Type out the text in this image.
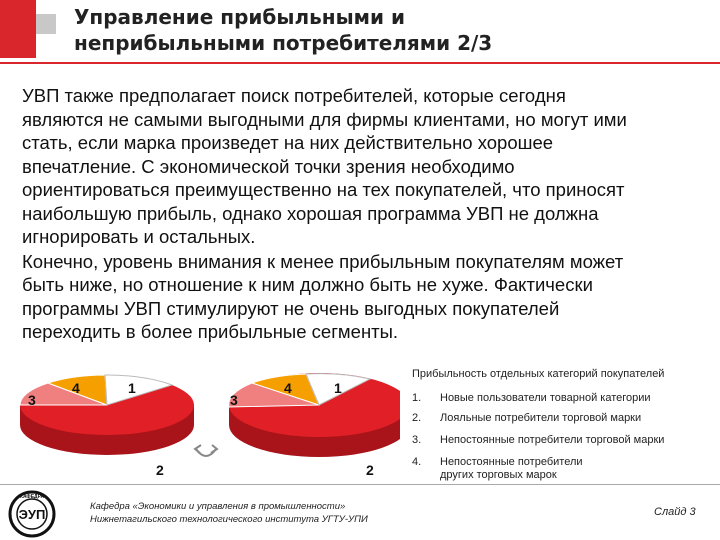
Управление прибыльными и
неприбыльными потребителями 2/3

УВП также предполагает поиск потребителей, которые сегодня
являются не самыми выгодными для фирмы клиентами, но могут ими
стать, если марка произведет на них действительно хорошее
впечатление. С экономической точки зрения необходимо
ориентироваться преимущественно на тех покупателей, что приносят
наибольшую прибыль, однако хорошая программа УВП не должна
игнорировать и остальных.

Конечно, уровень внимания к менее прибыльным покупателям может
быть ниже, но отношение к ним должно быть не хуже. Фактически
программы УВП стимулируют не очень выгодных покупателей
переходить в более прибыльные сегменты.

3
4	1
2
3
4	1
2
Прибыльность отдельных категорий покупателей
1. Новые пользователи товарной категории
2. Лояльные потребители торговой марки
3. Непостоянные потребители торговой марки
4. Непостоянные потребители
других торговых марок
ЭУП
КАФЕДРА
Кафедра «Экономики и управления в промышленности»
Нижнетагильского технологического института УГТУ-УПИ
Слайд 3
